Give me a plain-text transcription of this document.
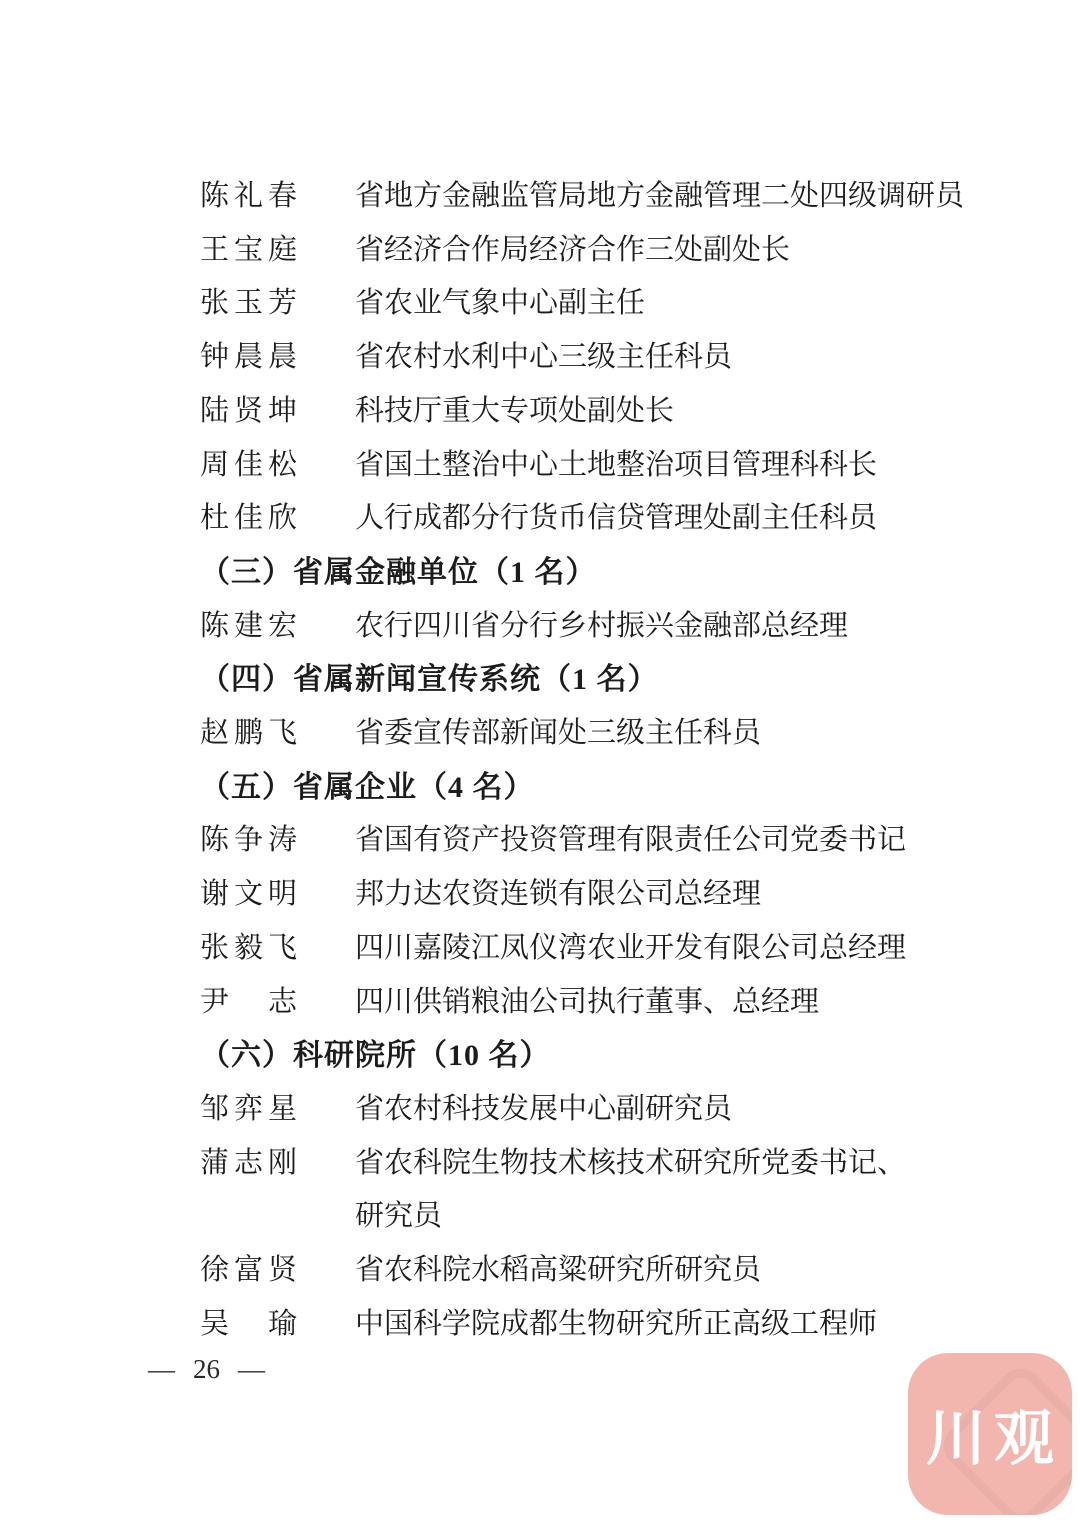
陈礼春	省地方金融监管局地方金融管理二处四级调研员
王宝庭	省经济合作局经济合作三处副处长
张玉芳	省农业气象中心副主任
钟晨晨	省农村水利中心三级主任科员
陆贤坤	科技厅重大专项处副处长
周佳松	省国土整治中心土地整治项目管理科科长
杜佳欣	人行成都分行货币信贷管理处副主任科员
（三）省属金融单位（1 名）
陈建宏	农行四川省分行乡村振兴金融部总经理
（四）省属新闻宣传系统（1 名）
赵鹏飞	省委宣传部新闻处三级主任科员
（五）省属企业（4 名）
陈争涛	省国有资产投资管理有限责任公司党委书记
谢文明	邦力达农资连锁有限公司总经理
张毅飞	四川嘉陵江凤仪湾农业开发有限公司总经理
尹　志	四川供销粮油公司执行董事、总经理
（六）科研院所（10 名）
邹弈星	省农村科技发展中心副研究员
蒲志刚	省农科院生物技术核技术研究所党委书记、
研究员
徐富贤	省农科院水稻高粱研究所研究员
吴　瑜	中国科学院成都生物研究所正高级工程师
— 26 —
川观
